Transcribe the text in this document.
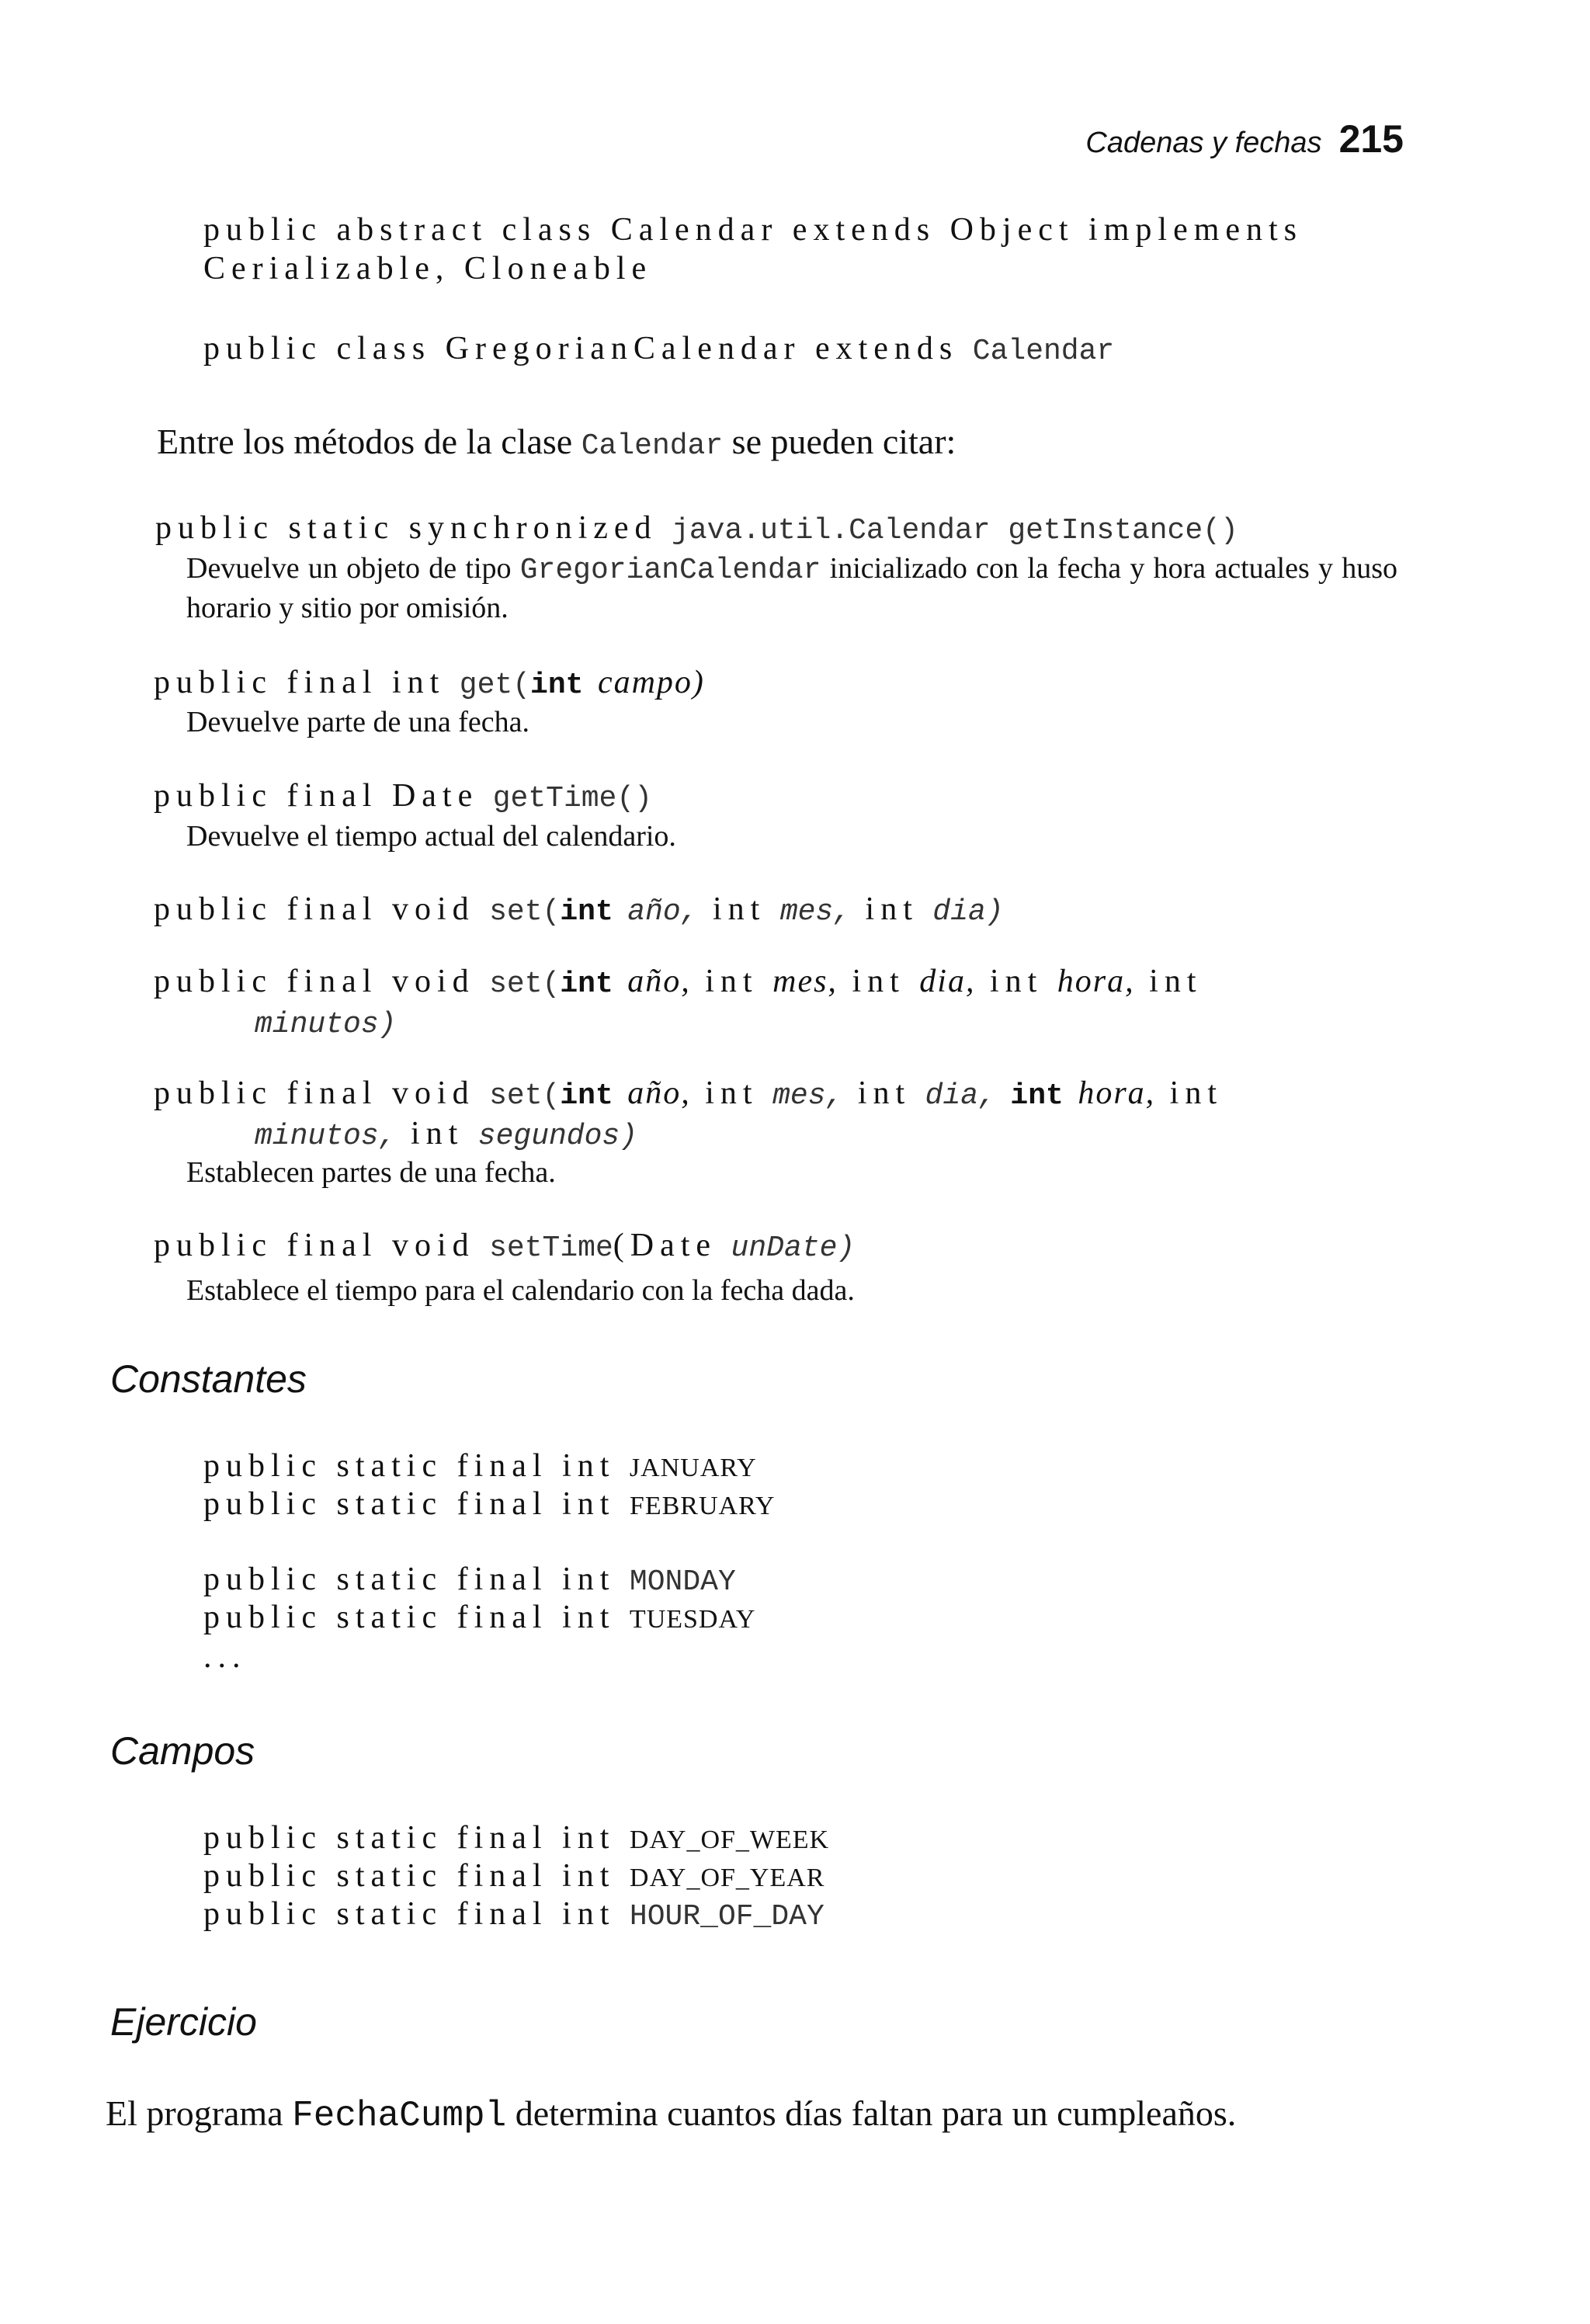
Cadenas y fechas 215
public abstract class Calendar extends Object implements
Cerializable, Cloneable
public class GregorianCalendar extends Calendar
Entre los métodos de la clase Calendar se pueden citar:
public static synchronized java.util.Calendar getInstance()
Devuelve un objeto de tipo GregorianCalendar inicializado con la fecha y hora actuales y huso horario y sitio por omisión.
public final int get(int campo)
Devuelve parte de una fecha.
public final Date getTime()
Devuelve el tiempo actual del calendario.
public final void set(int año, int mes, int dia)
public final void set(int año, int mes, int dia, int hora, int
minutos)
public final void set(int año, int mes, int dia, int hora, int
minutos, int segundos)
Establecen partes de una fecha.
public final void setTime(Date unDate)
Establece el tiempo para el calendario con la fecha dada.
Constantes
public static final int JANUARY
public static final int FEBRUARY
public static final int MONDAY
public static final int TUESDAY
...
Campos
public static final int DAY_OF_WEEK
public static final int DAY_OF_YEAR
public static final int HOUR_OF_DAY
Ejercicio
El programa FechaCumpl determina cuantos días faltan para un cumpleaños.
